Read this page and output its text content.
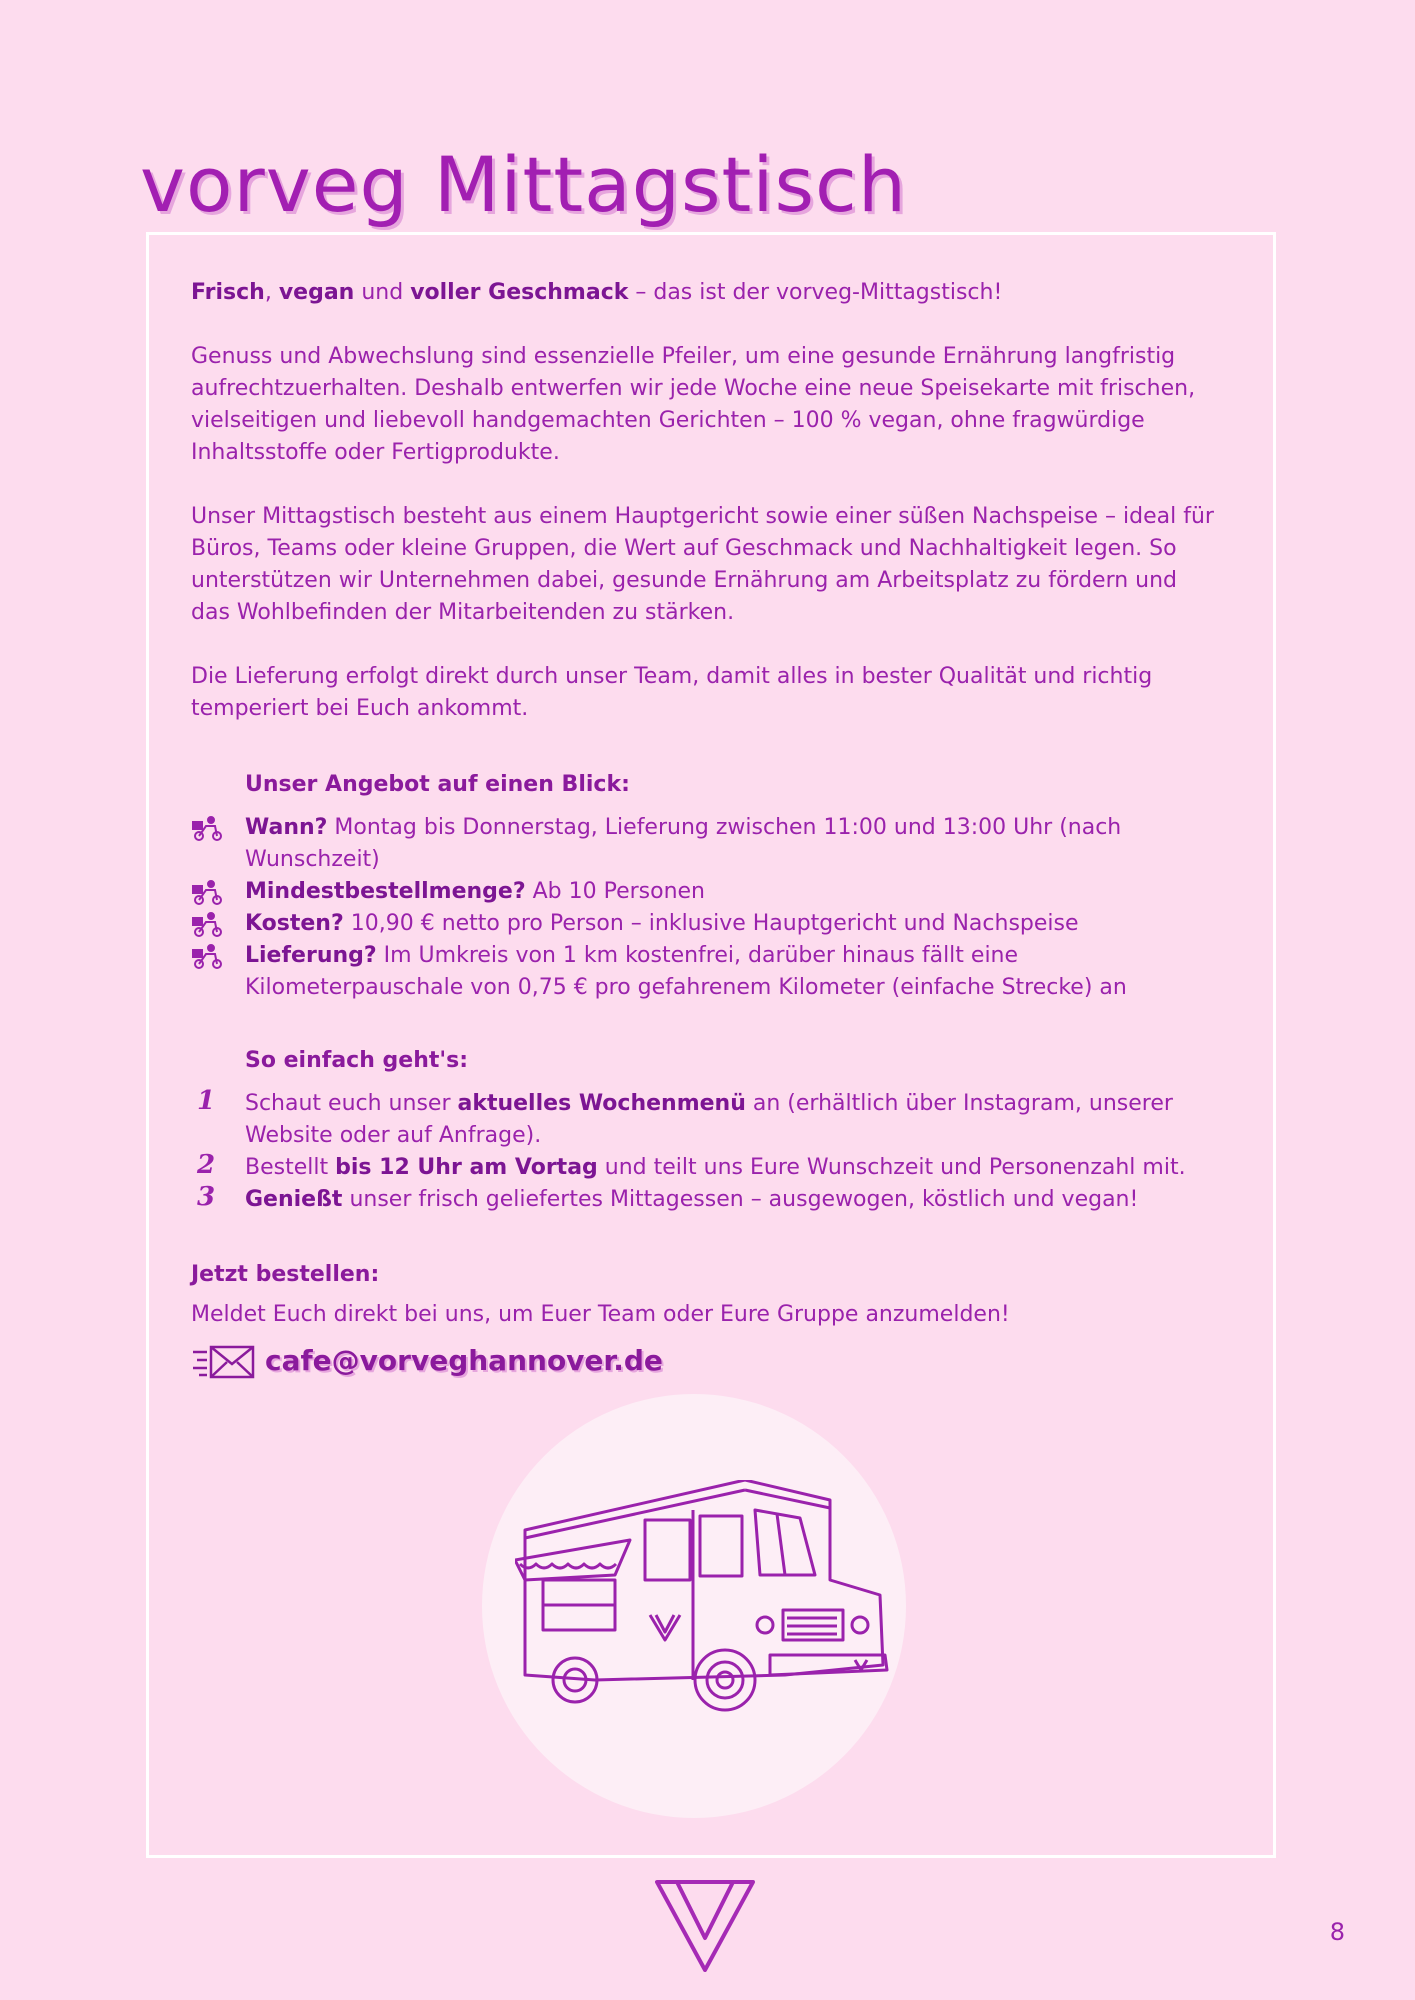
vorveg Mittagstisch

Frisch, vegan und voller Geschmack – das ist der vorveg-Mittagstisch!

Genuss und Abwechslung sind essenzielle Pfeiler, um eine gesunde Ernährung langfristig aufrechtzuerhalten. Deshalb entwerfen wir jede Woche eine neue Speisekarte mit frischen, vielseitigen und liebevoll handgemachten Gerichten – 100 % vegan, ohne fragwürdige Inhaltsstoffe oder Fertigprodukte.

Unser Mittagstisch besteht aus einem Hauptgericht sowie einer süßen Nachspeise – ideal für Büros, Teams oder kleine Gruppen, die Wert auf Geschmack und Nachhaltigkeit legen. So unterstützen wir Unternehmen dabei, gesunde Ernährung am Arbeitsplatz zu fördern und das Wohlbefinden der Mitarbeitenden zu stärken.

Die Lieferung erfolgt direkt durch unser Team, damit alles in bester Qualität und richtig temperiert bei Euch ankommt.

Unser Angebot auf einen Blick:

Wann? Montag bis Donnerstag, Lieferung zwischen 11:00 und 13:00 Uhr (nach Wunschzeit)

Mindestbestellmenge? Ab 10 Personen

Kosten? 10,90 € netto pro Person – inklusive Hauptgericht und Nachspeise

Lieferung? Im Umkreis von 1 km kostenfrei, darüber hinaus fällt eine Kilometerpauschale von 0,75 € pro gefahrenem Kilometer (einfache Strecke) an

So einfach geht's:
1 Schaut euch unser aktuelles Wochenmenü an (erhältlich über Instagram, unserer Website oder auf Anfrage).

2 Bestellt bis 12 Uhr am Vortag und teilt uns Eure Wunschzeit und Personenzahl mit.

3 Genießt unser frisch geliefertes Mittagessen – ausgewogen, köstlich und vegan!

Jetzt bestellen:

Meldet Euch direkt bei uns, um Euer Team oder Eure Gruppe anzumelden!

cafe@vorveghannover.de
8
